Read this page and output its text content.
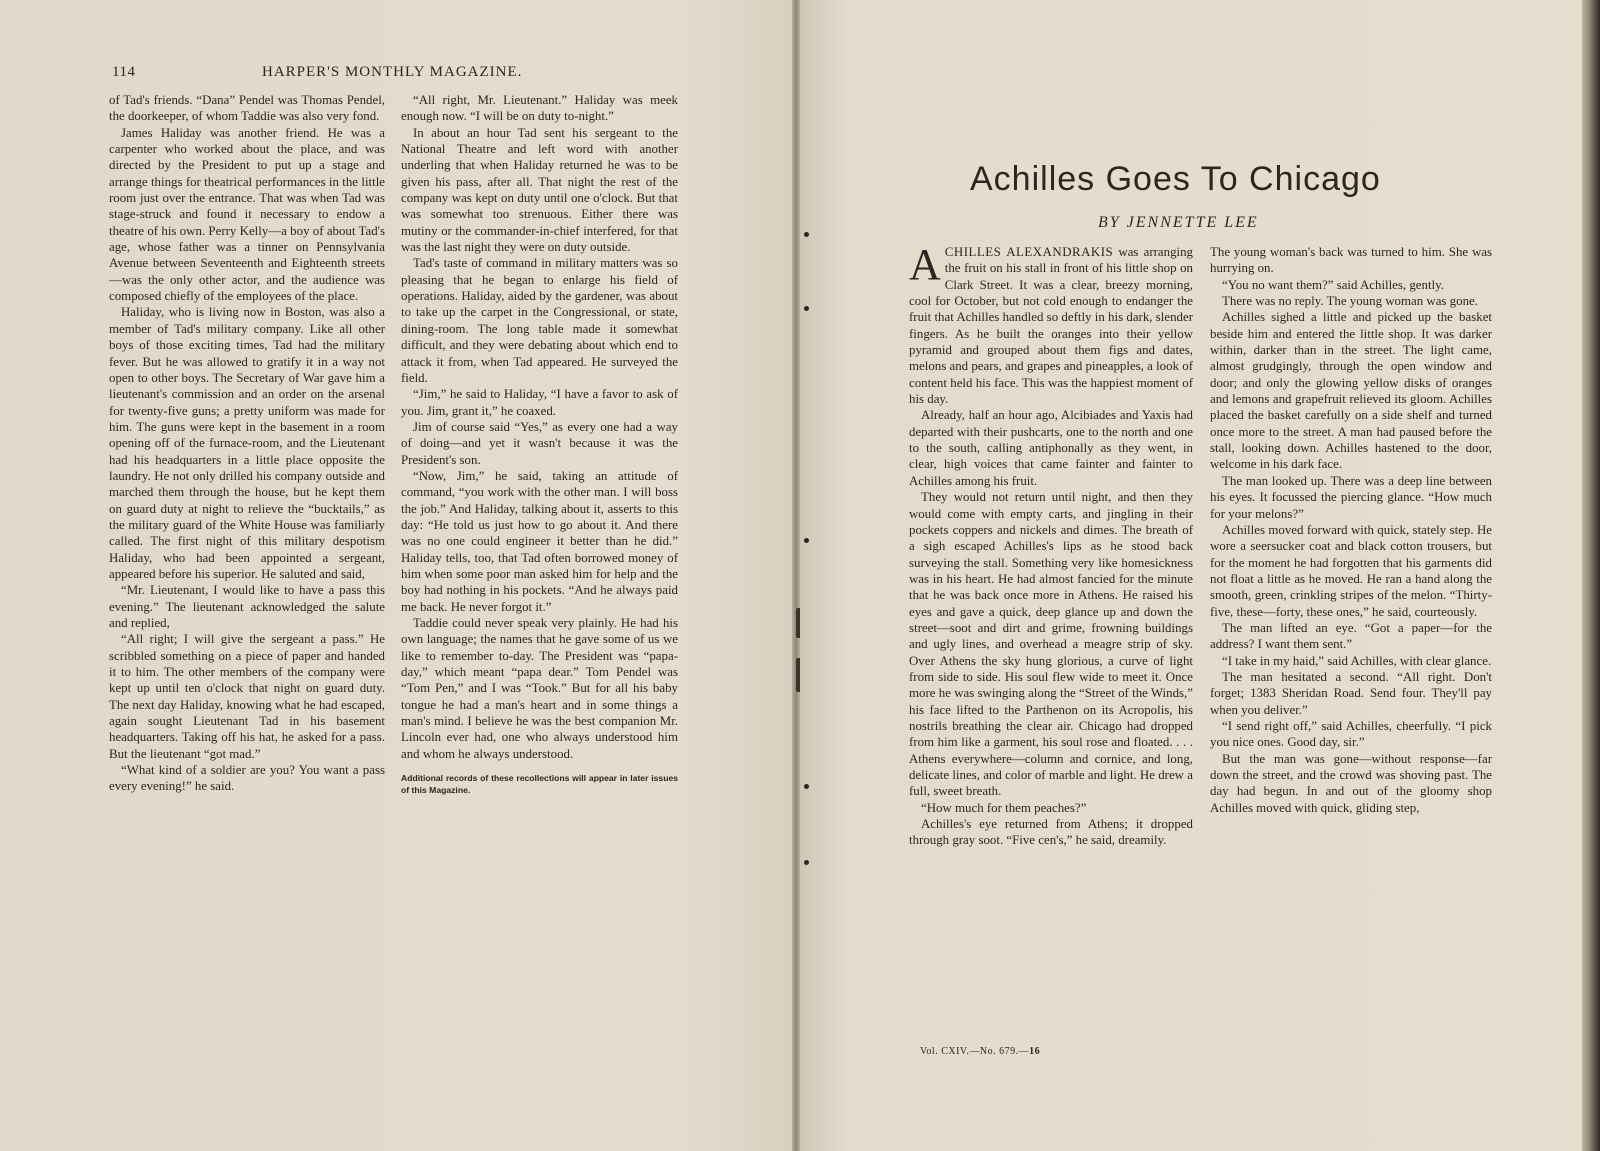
114	HARPER'S MONTHLY MAGAZINE.

of Tad's friends. “Dana” Pendel was Thomas Pendel, the doorkeeper, of whom Taddie was also very fond.

James Haliday was another friend. He was a carpenter who worked about the place, and was directed by the President to put up a stage and arrange things for theatrical performances in the little room just over the entrance. That was when Tad was stage-struck and found it necessary to endow a theatre of his own. Perry Kelly—a boy of about Tad's age, whose father was a tinner on Pennsylvania Avenue between Seventeenth and Eighteenth streets—was the only other actor, and the audience was composed chiefly of the employees of the place.

Haliday, who is living now in Boston, was also a member of Tad's military company. Like all other boys of those exciting times, Tad had the military fever. But he was allowed to gratify it in a way not open to other boys. The Secretary of War gave him a lieutenant's commission and an order on the arsenal for twenty-five guns; a pretty uniform was made for him. The guns were kept in the basement in a room opening off of the furnace-room, and the Lieutenant had his headquarters in a little place opposite the laundry. He not only drilled his company outside and marched them through the house, but he kept them on guard duty at night to relieve the “bucktails,” as the military guard of the White House was familiarly called. The first night of this military despotism Haliday, who had been appointed a sergeant, appeared before his superior. He saluted and said,

“Mr. Lieutenant, I would like to have a pass this evening.” The lieutenant acknowledged the salute and replied,

“All right; I will give the sergeant a pass.” He scribbled something on a piece of paper and handed it to him. The other members of the company were kept up until ten o'clock that night on guard duty. The next day Haliday, knowing what he had escaped, again sought Lieutenant Tad in his basement headquarters. Taking off his hat, he asked for a pass. But the lieutenant “got mad.”

“What kind of a soldier are you? You want a pass every evening!” he said.

“All right, Mr. Lieutenant.” Haliday was meek enough now. “I will be on duty to-night.”

In about an hour Tad sent his sergeant to the National Theatre and left word with another underling that when Haliday returned he was to be given his pass, after all. That night the rest of the company was kept on duty until one o'clock. But that was somewhat too strenuous. Either there was mutiny or the commander-in-chief interfered, for that was the last night they were on duty outside.

Tad's taste of command in military matters was so pleasing that he began to enlarge his field of operations. Haliday, aided by the gardener, was about to take up the carpet in the Congressional, or state, dining-room. The long table made it somewhat difficult, and they were debating about which end to attack it from, when Tad appeared. He surveyed the field.

“Jim,” he said to Haliday, “I have a favor to ask of you. Jim, grant it,” he coaxed.

Jim of course said “Yes,” as every one had a way of doing—and yet it wasn't because it was the President's son.

“Now, Jim,” he said, taking an attitude of command, “you work with the other man. I will boss the job.” And Haliday, talking about it, asserts to this day: “He told us just how to go about it. And there was no one could engineer it better than he did.” Haliday tells, too, that Tad often borrowed money of him when some poor man asked him for help and the boy had nothing in his pockets. “And he always paid me back. He never forgot it.”

Taddie could never speak very plainly. He had his own language; the names that he gave some of us we like to remember to-day. The President was “papa-day,” which meant “papa dear.” Tom Pendel was “Tom Pen,” and I was “Took.” But for all his baby tongue he had a man's heart and in some things a man's mind. I believe he was the best companion Mr. Lincoln ever had, one who always understood him and whom he always understood.

Additional records of these recollections will appear in later issues of this Magazine.

Achilles Goes To Chicago
BY JENNETTE LEE

ACHILLES ALEXANDRAKIS was arranging the fruit on his stall in front of his little shop on Clark Street. It was a clear, breezy morning, cool for October, but not cold enough to endanger the fruit that Achilles handled so deftly in his dark, slender fingers. As he built the oranges into their yellow pyramid and grouped about them figs and dates, melons and pears, and grapes and pineapples, a look of content held his face. This was the happiest moment of his day.

Already, half an hour ago, Alcibiades and Yaxis had departed with their pushcarts, one to the north and one to the south, calling antiphonally as they went, in clear, high voices that came fainter and fainter to Achilles among his fruit.

They would not return until night, and then they would come with empty carts, and jingling in their pockets coppers and nickels and dimes. The breath of a sigh escaped Achilles's lips as he stood back surveying the stall. Something very like homesickness was in his heart. He had almost fancied for the minute that he was back once more in Athens. He raised his eyes and gave a quick, deep glance up and down the street—soot and dirt and grime, frowning buildings and ugly lines, and overhead a meagre strip of sky. Over Athens the sky hung glorious, a curve of light from side to side. His soul flew wide to meet it. Once more he was swinging along the “Street of the Winds,” his face lifted to the Parthenon on its Acropolis, his nostrils breathing the clear air. Chicago had dropped from him like a garment, his soul rose and floated. . . . Athens everywhere—column and cornice, and long, delicate lines, and color of marble and light. He drew a full, sweet breath.

“How much for them peaches?”

Achilles's eye returned from Athens; it dropped through gray soot. “Five cen's,” he said, dreamily.

The young woman's back was turned to him. She was hurrying on.

“You no want them?” said Achilles, gently.

There was no reply. The young woman was gone.

Achilles sighed a little and picked up the basket beside him and entered the little shop. It was darker within, darker than in the street. The light came, almost grudgingly, through the open window and door; and only the glowing yellow disks of oranges and lemons and grapefruit relieved its gloom. Achilles placed the basket carefully on a side shelf and turned once more to the street. A man had paused before the stall, looking down. Achilles hastened to the door, welcome in his dark face.

The man looked up. There was a deep line between his eyes. It focussed the piercing glance. “How much for your melons?”

Achilles moved forward with quick, stately step. He wore a seersucker coat and black cotton trousers, but for the moment he had forgotten that his garments did not float a little as he moved. He ran a hand along the smooth, green, crinkling stripes of the melon. “Thirty-five, these—forty, these ones,” he said, courteously.

The man lifted an eye. “Got a paper—for the address? I want them sent.”

“I take in my haid,” said Achilles, with clear glance.

The man hesitated a second. “All right. Don't forget; 1383 Sheridan Road. Send four. They'll pay when you deliver.”

“I send right off,” said Achilles, cheerfully. “I pick you nice ones. Good day, sir.”

But the man was gone—without response—far down the street, and the crowd was shoving past. The day had begun. In and out of the gloomy shop Achilles moved with quick, gliding step,

Vol. CXIV.—No. 679.—16
